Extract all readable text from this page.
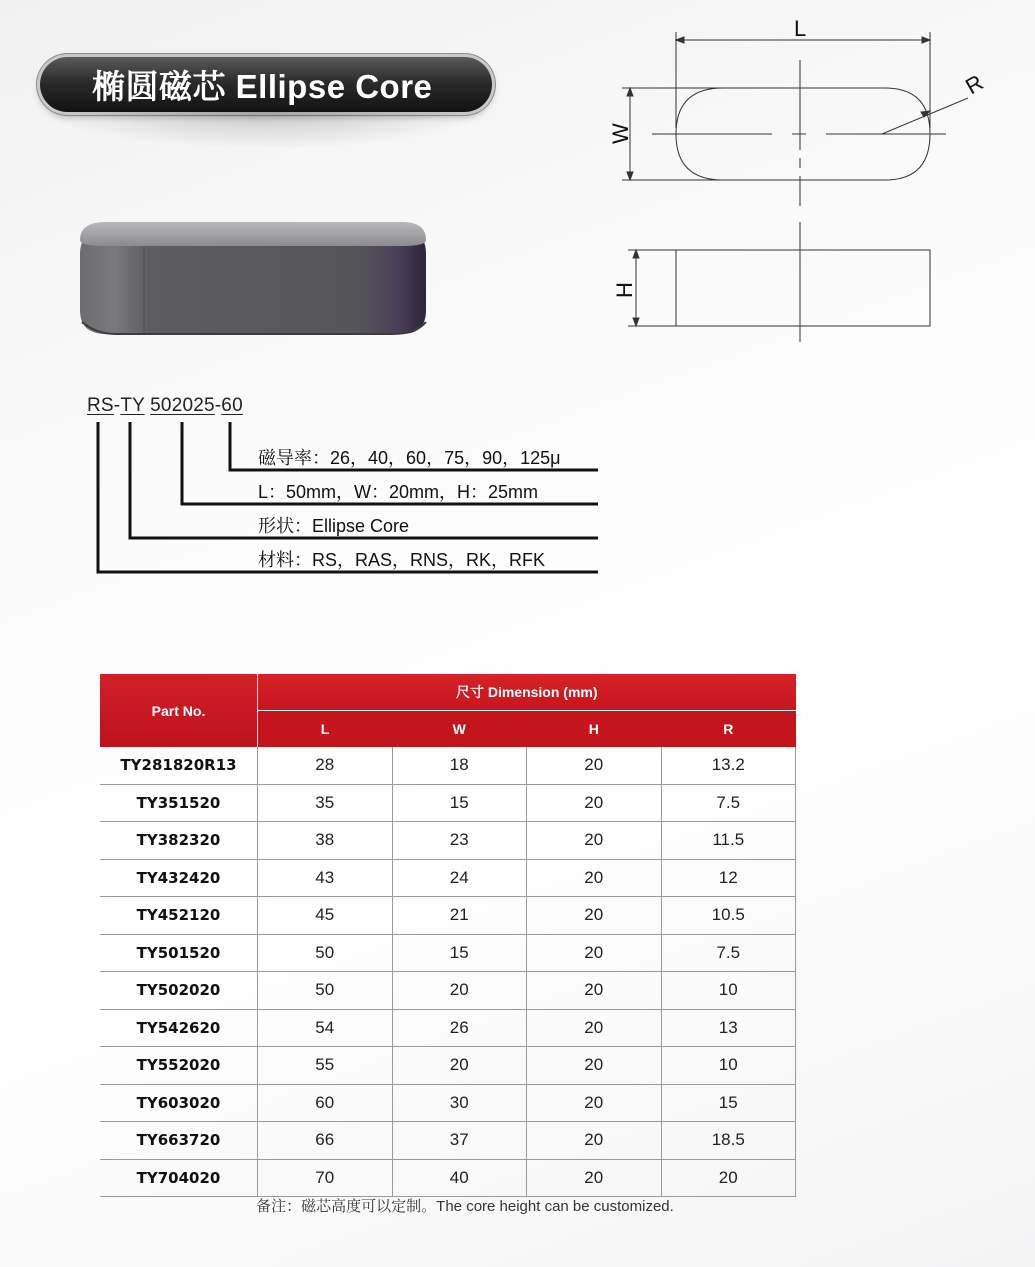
椭圆磁芯 Ellipse Core
L
R
W
H
RS-TY 502025-60
磁导率：26，40，60，75，90，125μ
L：50mm，W：20mm，H：25mm
形状：Ellipse Core
材料：RS，RAS，RNS，RK，RFK
Part No.	尺寸 Dimension (mm)			
	L	W	H	R
TY281820R13	28	18	20	13.2
TY351520	35	15	20	7.5
TY382320	38	23	20	11.5
TY432420	43	24	20	12
TY452120	45	21	20	10.5
TY501520	50	15	20	7.5
TY502020	50	20	20	10
TY542620	54	26	20	13
TY552020	55	20	20	10
TY603020	60	30	20	15
TY663720	66	37	20	18.5
TY704020	70	40	20	20
备注：磁芯高度可以定制。The core height can be customized.
